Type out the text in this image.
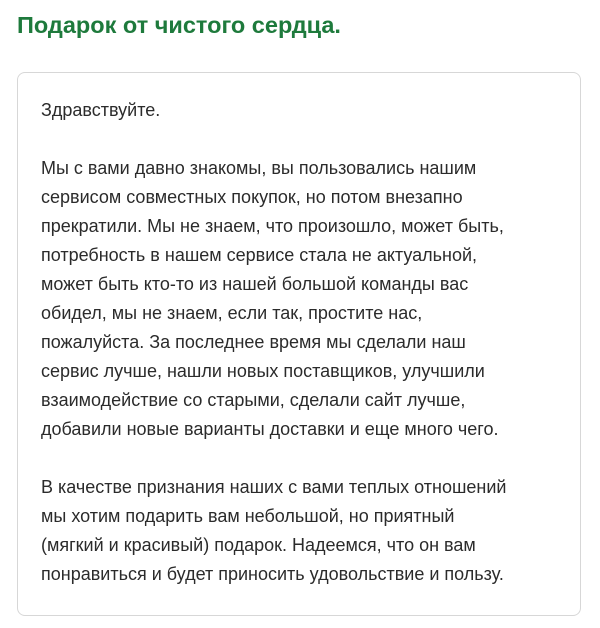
Подарок от чистого сердца.

Здравствуйте.

Мы с вами давно знакомы, вы пользовались нашим

сервисом совместных покупок, но потом внезапно

прекратили. Мы не знаем, что произошло, может быть,

потребность в нашем сервисе стала не актуальной,

может быть кто-то из нашей большой команды вас

обидел, мы не знаем, если так, простите нас,

пожалуйста. За последнее время мы сделали наш

сервис лучше, нашли новых поставщиков, улучшили

взаимодействие со старыми, сделали сайт лучше,

добавили новые варианты доставки и еще много чего.

В качестве признания наших с вами теплых отношений

мы хотим подарить вам небольшой, но приятный

(мягкий и красивый) подарок. Надеемся, что он вам

понравиться и будет приносить удовольствие и пользу.
